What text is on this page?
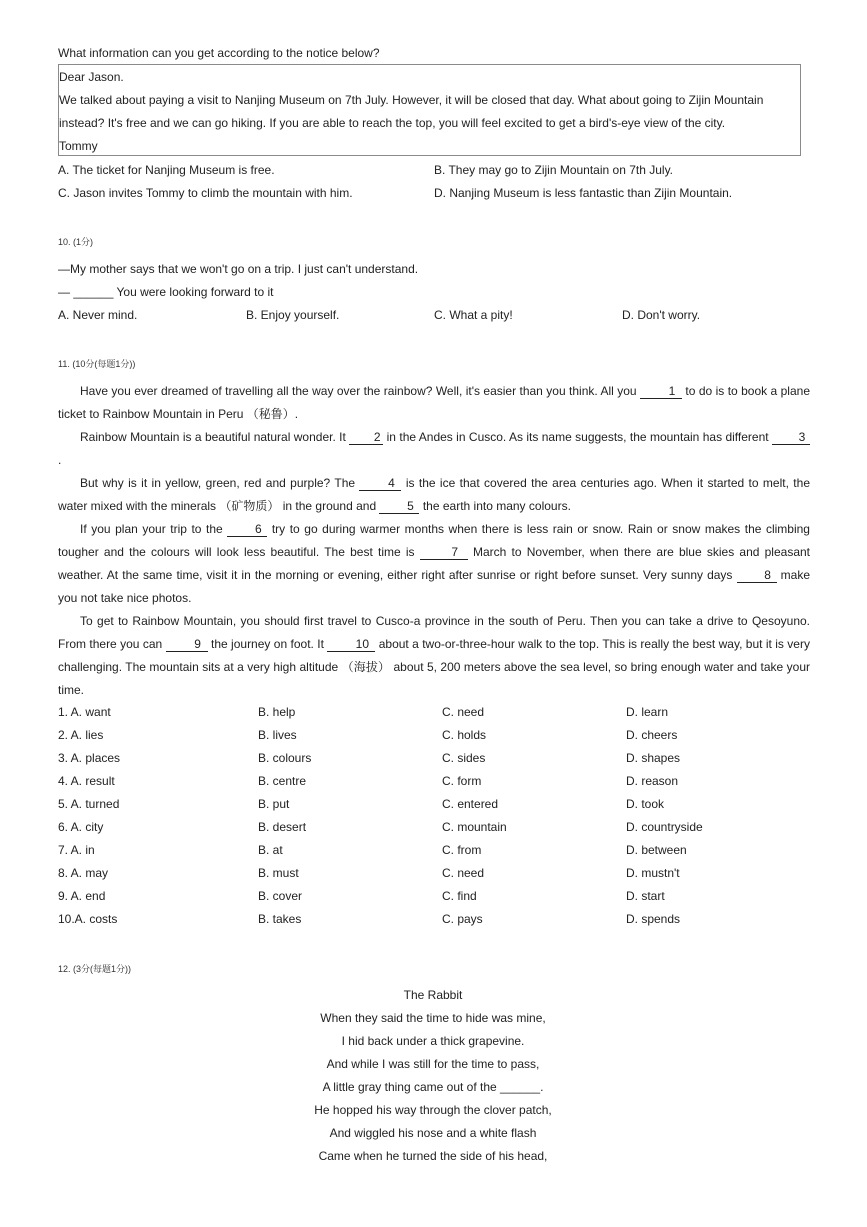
What information can you get according to the notice below?
Dear Jason.
We talked about paying a visit to Nanjing Museum on 7th July. However, it will be closed that day. What about going to Zijin Mountain
instead? It's free and we can go hiking. If you are able to reach the top, you will feel excited to get a bird's-eye view of the city.
Tommy
A. The ticket for Nanjing Museum is free.	B. They may go to Zijin Mountain on 7th July.
C. Jason invites Tommy to climb the mountain with him.	D. Nanjing Museum is less fantastic than Zijin Mountain.
10. (1分)
—My mother says that we won't go on a trip. I just can't understand.
— ______ You were looking forward to it
A. Never mind.	B. Enjoy yourself.	C. What a pity!	D. Don't worry.
11. (10分(每题1分))

Have you ever dreamed of travelling all the way over the rainbow? Well, it's easier than you think. All you	1 to do is to book a plane ticket to Rainbow Mountain in Peru （秘鲁）.

Rainbow Mountain is a beautiful natural wonder. It 2 in the Andes in Cusco. As its name suggests, the mountain has different	3.

But why is it in yellow, green, red and purple? The	4 is the ice that covered the area centuries ago. When it started to melt, the water mixed with the minerals （矿物质） in the ground and	5 the earth into many colours.

If you plan your trip to the	6 try to go during warmer months when there is less rain or snow. Rain or snow makes the climbing tougher and the colours will look less beautiful. The best time is	7 March to November, when there are blue skies and pleasant weather. At the same time, visit it in the morning or evening, either right after sunrise or right before sunset. Very sunny days	8 make you not take nice photos.

To get to Rainbow Mountain, you should first travel to Cusco-a province in the south of Peru. Then you can take a drive to Qesoyuno. From there you can	9 the journey on foot. It	10 about a two-or-three-hour walk to the top. This is really the best way, but it is very challenging. The mountain sits at a very high altitude （海拔） about 5, 200 meters above the sea level, so bring enough water and take your time.

1. A. want	B. help	C. need	D. learn
2. A. lies	B. lives	C. holds	D. cheers
3. A. places	B. colours	C. sides	D. shapes
4. A. result	B. centre	C. form	D. reason
5. A. turned	B. put	C. entered	D. took
6. A. city	B. desert	C. mountain	D. countryside
7. A. in	B. at	C. from	D. between
8. A. may	B. must	C. need	D. mustn't
9. A. end	B. cover	C. find	D. start
10.A. costs	B. takes	C. pays	D. spends
12. (3分(每题1分))
The Rabbit
When they said the time to hide was mine,
I hid back under a thick grapevine.
And while I was still for the time to pass,
A little gray thing came out of the ______.
He hopped his way through the clover patch,
And wiggled his nose and a white flash
Came when he turned the side of his head,
